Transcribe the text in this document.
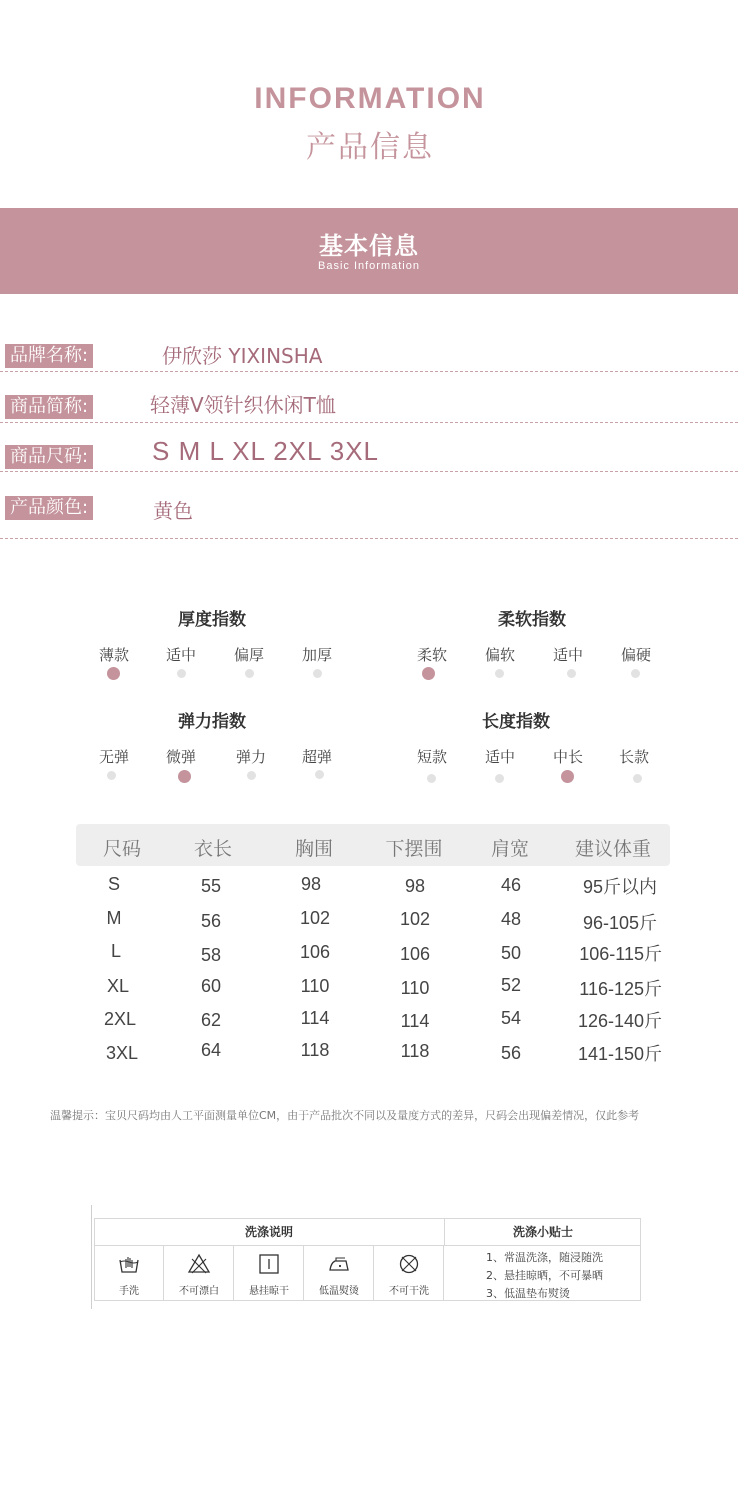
INFORMATION
产品信息
基本信息
Basic Information
品牌名称:	伊欣莎 YIXINSHA
商品简称:	轻薄V领针织休闲T恤
商品尺码: S M L XL 2XL 3XL
产品颜色:	黄色
厚度指数
薄款	适中	偏厚	加厚
柔软指数
柔软	偏软	适中	偏硬
弹力指数
无弹	微弹	弹力	超弹
长度指数
短款	适中	中长	长款
尺码	衣长	胸围	下摆围	肩宽	建议体重
S	55	98	98	46	95斤以内
M	56	102	102	48	96-105斤
L	58	106	106	50	106-115斤
XL	60	110	110	52	116-125斤
2XL	62	114	114	54	126-140斤
3XL	64	118	118	56	141-150斤
温馨提示：宝贝尺码均由人工平面测量单位CM，由于产品批次不同以及量度方式的差异，尺码会出现偏差情况，仅此参考
洗涤说明	洗涤小贴士
手洗	不可漂白	悬挂晾干	低温熨烫	不可干洗
1、常温洗涤，随浸随洗
2、悬挂晾晒，不可暴晒
3、低温垫布熨烫
